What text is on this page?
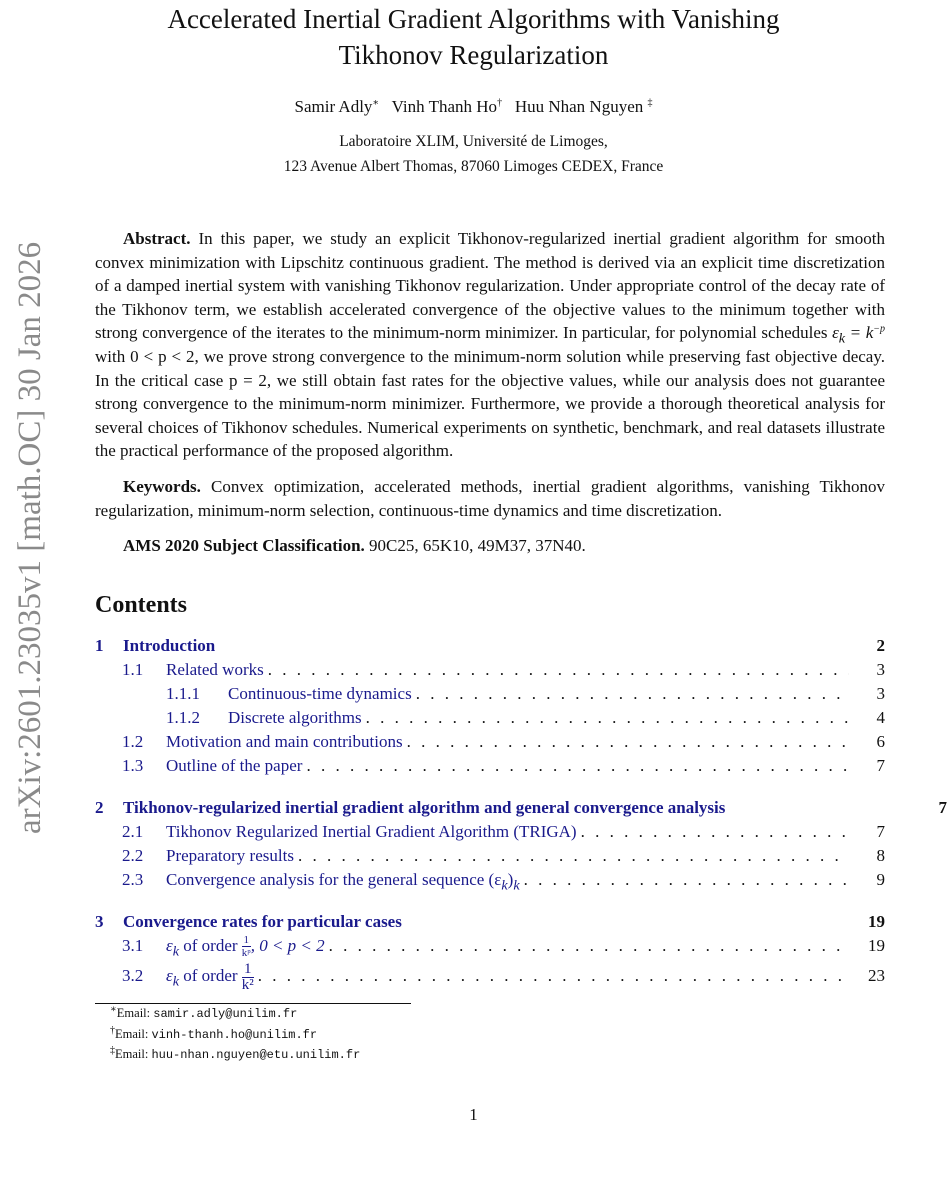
arXiv:2601.23035v1 [math.OC] 30 Jan 2026
Accelerated Inertial Gradient Algorithms with Vanishing
Tikhonov Regularization
Samir Adly∗ Vinh Thanh Ho† Huu Nhan Nguyen ‡
Laboratoire XLIM, Université de Limoges,
123 Avenue Albert Thomas, 87060 Limoges CEDEX, France
Abstract. In this paper, we study an explicit Tikhonov-regularized inertial gradient algorithm for smooth convex minimization with Lipschitz continuous gradient. The method is derived via an explicit time discretization of a damped inertial system with vanishing Tikhonov regularization. Under appropriate control of the decay rate of the Tikhonov term, we establish accelerated convergence of the objective values to the minimum together with strong convergence of the iterates to the minimum-norm minimizer. In particular, for polynomial schedules $\varepsilon_k = k^{-p}$ with 0 < p < 2, we prove strong convergence to the minimum-norm solution while preserving fast objective decay. In the critical case p = 2, we still obtain fast rates for the objective values, while our analysis does not guarantee strong convergence to the minimum-norm minimizer. Furthermore, we provide a thorough theoretical analysis for several choices of Tikhonov schedules. Numerical experiments on synthetic, benchmark, and real datasets illustrate the practical performance of the proposed algorithm.
Keywords. Convex optimization, accelerated methods, inertial gradient algorithms, vanishing Tikhonov regularization, minimum-norm selection, continuous-time dynamics and time discretization.
AMS 2020 Subject Classification. 90C25, 65K10, 49M37, 37N40.
Contents
1	Introduction	2
1.1	Related works . . .	3
1.1.1	Continuous-time dynamics . . .	3
1.1.2	Discrete algorithms . . .	4
1.2	Motivation and main contributions . . .	6
1.3	Outline of the paper . . .	7
2	Tikhonov-regularized inertial gradient algorithm and general convergence analysis	7
2.1	Tikhonov Regularized Inertial Gradient Algorithm (TRIGA) . . .	7
2.2	Preparatory results . . .	8
2.3	Convergence analysis for the general sequence $(\varepsilon_k)_k$ . . .	9
3	Convergence rates for particular cases	19
3.1	$\varepsilon_k$ of order $\frac{1}{\text{kᵖ}}$ , 0 < p < 2 . . .	19
3.2	$\varepsilon_k$ of order $\frac{1}{\text{k²}}$ . . .	23
∗Email: samir.adly@unilim.fr
†Email: vinh-thanh.ho@unilim.fr
‡Email: huu-nhan.nguyen@etu.unilim.fr
1
